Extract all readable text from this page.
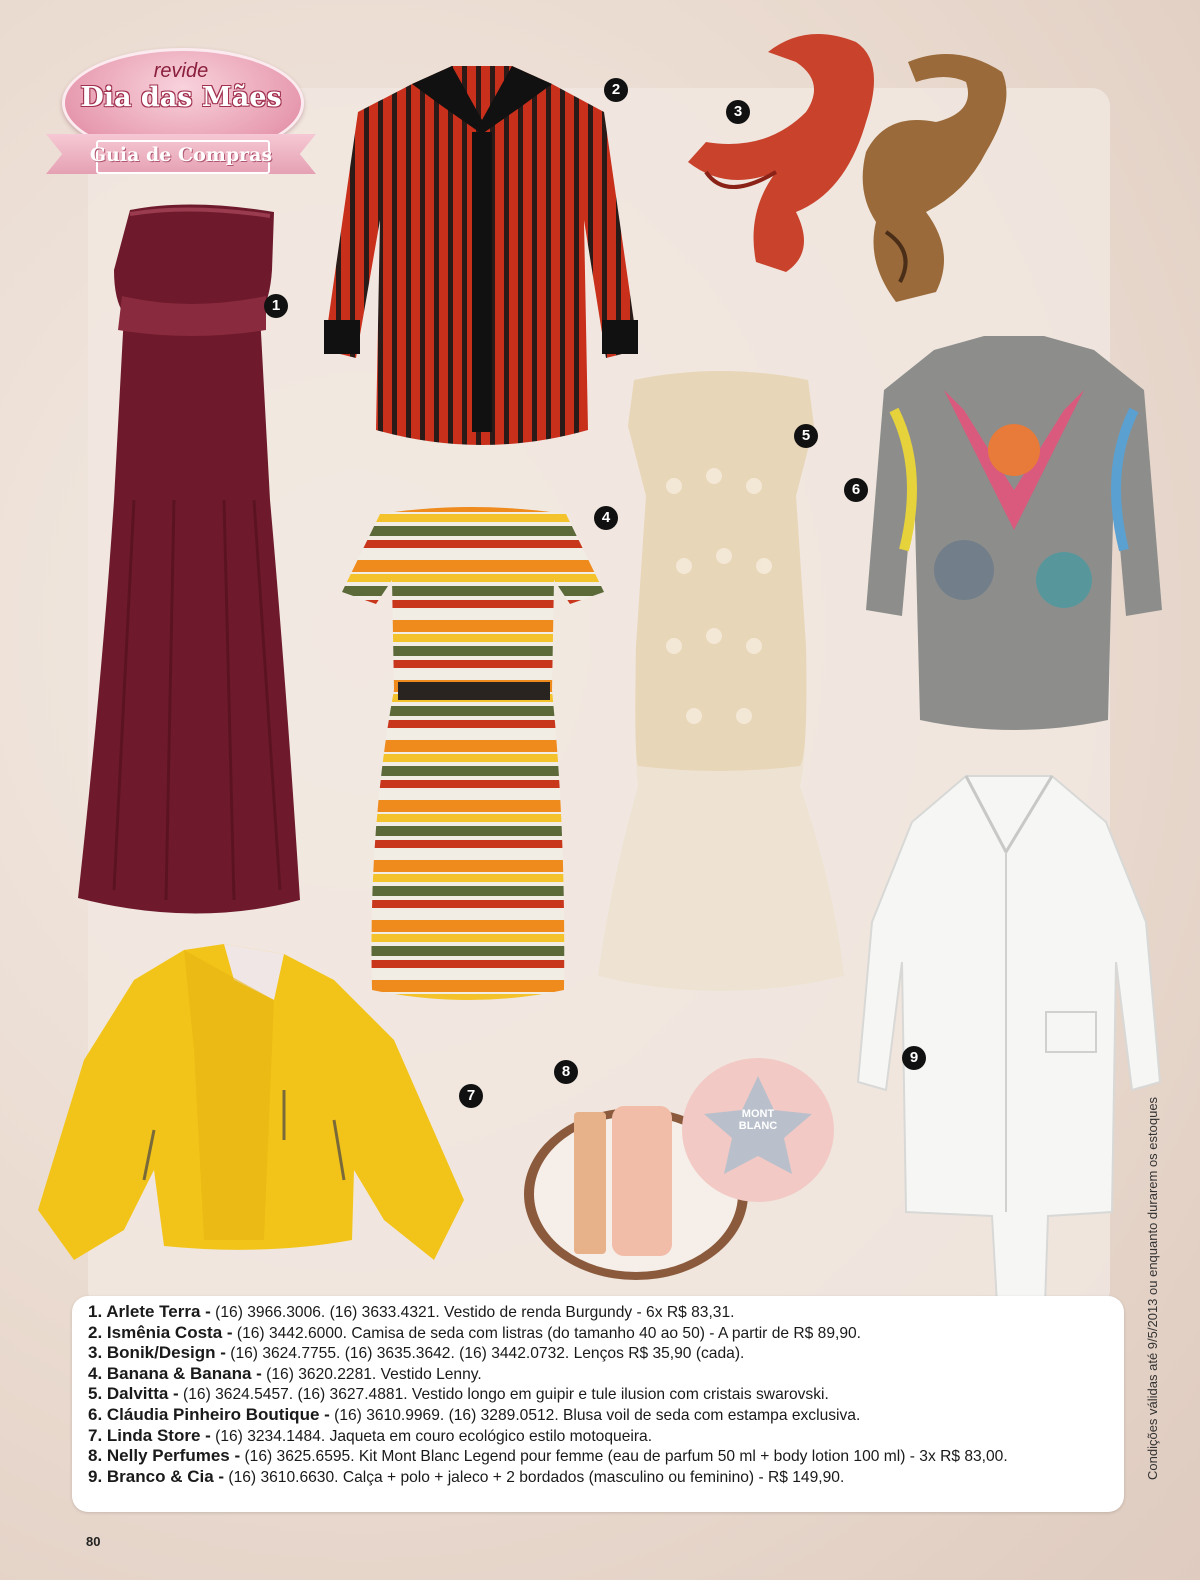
revide
Dia das Mães
Guia de Compras
1
2
3
4
5
6
7
MONT BLANC
8
9
1. Arlete Terra - (16) 3966.3006. (16) 3633.4321. Vestido de renda Burgundy - 6x R$ 83,31.
2. Ismênia Costa - (16) 3442.6000. Camisa de seda com listras (do tamanho 40 ao 50) - A partir de R$ 89,90.
3. Bonik/Design - (16) 3624.7755. (16) 3635.3642. (16) 3442.0732. Lenços R$ 35,90 (cada).
4. Banana & Banana - (16) 3620.2281. Vestido Lenny.
5. Dalvitta - (16) 3624.5457. (16) 3627.4881. Vestido longo em guipir e tule ilusion com cristais swarovski.
6. Cláudia Pinheiro Boutique - (16) 3610.9969. (16) 3289.0512. Blusa voil de seda com estampa exclusiva.
7. Linda Store - (16) 3234.1484. Jaqueta em couro ecológico estilo motoqueira.
8. Nelly Perfumes - (16) 3625.6595. Kit Mont Blanc Legend pour femme (eau de parfum 50 ml + body lotion 100 ml) - 3x R$ 83,00.
9. Branco & Cia - (16) 3610.6630. Calça + polo + jaleco + 2 bordados (masculino ou feminino) - R$ 149,90.
80
Condições válidas até 9/5/2013 ou enquanto durarem os estoques
